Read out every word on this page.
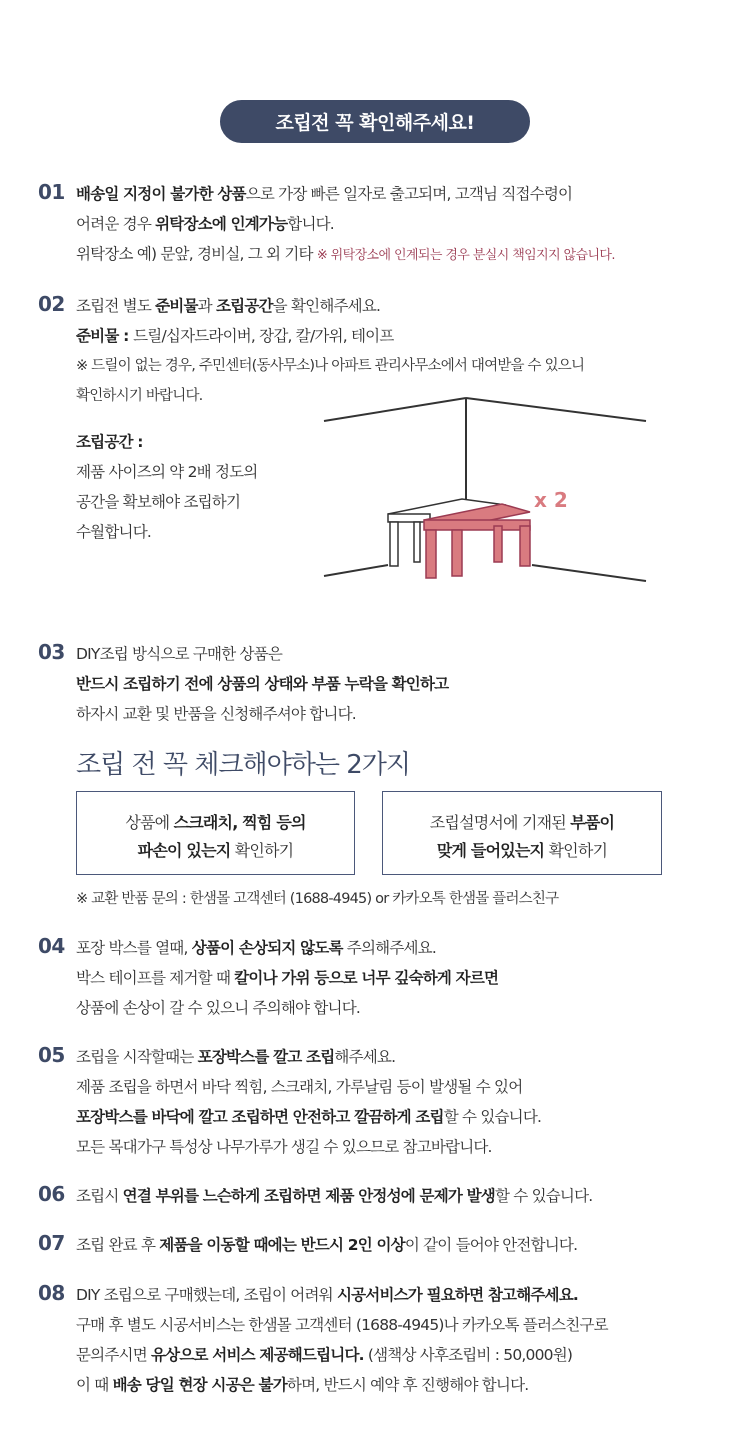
조립전 꼭 확인해주세요!
01 배송일 지정이 불가한 상품으로 가장 빠른 일자로 출고되며, 고객님 직접수령이
어려운 경우 위탁장소에 인계가능합니다.
위탁장소 예) 문앞, 경비실, 그 외 기타 ※ 위탁장소에 인계되는 경우 분실시 책임지지 않습니다.
02 조립전 별도 준비물과 조립공간을 확인해주세요.
준비물 : 드릴/십자드라이버, 장갑, 칼/가위, 테이프
※ 드릴이 없는 경우, 주민센터(동사무소)나 아파트 관리사무소에서 대여받을 수 있으니
확인하시기 바랍니다.
조립공간 :
제품 사이즈의 약 2배 정도의
공간을 확보해야 조립하기
수월합니다.
x 2
03 DIY조립 방식으로 구매한 상품은
반드시 조립하기 전에 상품의 상태와 부품 누락을 확인하고
하자시 교환 및 반품을 신청해주셔야 합니다.
조립 전 꼭 체크해야하는 2가지
상품에 스크래치, 찍힘 등의
파손이 있는지 확인하기
조립설명서에 기재된 부품이
맞게 들어있는지 확인하기
※ 교환 반품 문의 : 한샘몰 고객센터 (1688-4945) or 카카오톡 한샘몰 플러스친구
04 포장 박스를 열때, 상품이 손상되지 않도록 주의해주세요.
박스 테이프를 제거할 때 칼이나 가위 등으로 너무 깊숙하게 자르면
상품에 손상이 갈 수 있으니 주의해야 합니다.
05 조립을 시작할때는 포장박스를 깔고 조립해주세요.
제품 조립을 하면서 바닥 찍힘, 스크래치, 가루날림 등이 발생될 수 있어
포장박스를 바닥에 깔고 조립하면 안전하고 깔끔하게 조립할 수 있습니다.
모든 목대가구 특성상 나무가루가 생길 수 있으므로 참고바랍니다.
06 조립시 연결 부위를 느슨하게 조립하면 제품 안정성에 문제가 발생할 수 있습니다.
07 조립 완료 후 제품을 이동할 때에는 반드시 2인 이상이 같이 들어야 안전합니다.
08 DIY 조립으로 구매했는데, 조립이 어려워 시공서비스가 필요하면 참고해주세요.
구매 후 별도 시공서비스는 한샘몰 고객센터 (1688-4945)나 카카오톡 플러스친구로
문의주시면 유상으로 서비스 제공해드립니다. (샘책상 사후조립비 : 50,000원)
이 때 배송 당일 현장 시공은 불가하며, 반드시 예약 후 진행해야 합니다.
